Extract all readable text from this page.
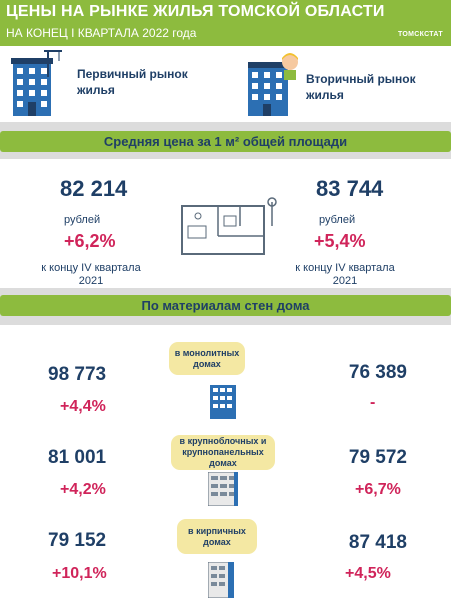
ЦЕНЫ НА РЫНКЕ ЖИЛЬЯ ТОМСКОЙ ОБЛАСТИ
НА КОНЕЦ I КВАРТАЛА 2022 года	ТОМСКСТАТ
Первичный рынок жилья
Вторичный рынок жилья
Средняя цена за 1 м² общей площади
82 214
рублей
+6,2%
к концу IV квартала 2021
83 744
рублей
+5,4%
к концу IV квартала 2021
По материалам стен дома
в монолитных домах
98 773
+4,4%
76 389
-
в крупноблочных и крупнопанельных домах
81 001
+4,2%
79 572
+6,7%
в кирпичных домах
79 152
+10,1%
87 418
+4,5%
